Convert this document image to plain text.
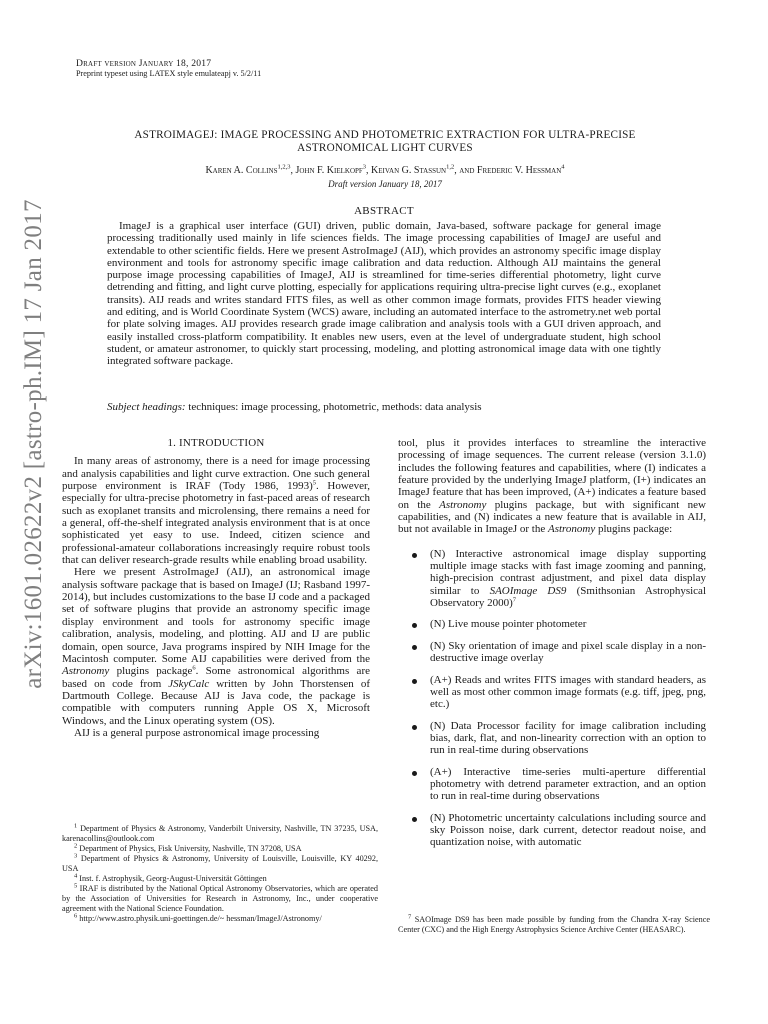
Draft version January 18, 2017
Preprint typeset using LATEX style emulateapj v. 5/2/11
arXiv:1601.02622v2 [astro-ph.IM] 17 Jan 2017
ASTROIMAGEJ: IMAGE PROCESSING AND PHOTOMETRIC EXTRACTION FOR ULTRA-PRECISE ASTRONOMICAL LIGHT CURVES
Karen A. Collins$^{1,2,3}$, John F. Kielkopf$^3$, Keivan G. Stassun$^{1,2}$, and Frederic V. Hessman$^4$
Draft version January 18, 2017
ABSTRACT
ImageJ is a graphical user interface (GUI) driven, public domain, Java-based, software package for general image processing traditionally used mainly in life sciences fields. The image processing capabilities of ImageJ are useful and extendable to other scientific fields. Here we present AstroImageJ (AIJ), which provides an astronomy specific image display environment and tools for astronomy specific image calibration and data reduction. Although AIJ maintains the general purpose image processing capabilities of ImageJ, AIJ is streamlined for time-series differential photometry, light curve detrending and fitting, and light curve plotting, especially for applications requiring ultra-precise light curves (e.g., exoplanet transits). AIJ reads and writes standard FITS files, as well as other common image formats, provides FITS header viewing and editing, and is World Coordinate System (WCS) aware, including an automated interface to the astrometry.net web portal for plate solving images. AIJ provides research grade image calibration and analysis tools with a GUI driven approach, and easily installed cross-platform compatibility. It enables new users, even at the level of undergraduate student, high school student, or amateur astronomer, to quickly start processing, modeling, and plotting astronomical image data with one tightly integrated software package.
Subject headings: techniques: image processing, photometric, methods: data analysis
1. INTRODUCTION

In many areas of astronomy, there is a need for image processing and analysis capabilities and light curve extraction. One such general purpose environment is IRAF (Tody 1986, 1993)$^5$. However, especially for ultra-precise photometry in fast-paced areas of research such as exoplanet transits and microlensing, there remains a need for a general, off-the-shelf integrated analysis environment that is at once sophisticated yet easy to use. Indeed, citizen science and professional-amateur collaborations increasingly require robust tools that can deliver research-grade results while enabling broad usability.

Here we present AstroImageJ (AIJ), an astronomical image analysis software package that is based on ImageJ (IJ; Rasband 1997-2014), but includes customizations to the base IJ code and a packaged set of software plugins that provide an astronomy specific image display environment and tools for astronomy specific image calibration, analysis, modeling, and plotting. AIJ and IJ are public domain, open source, Java programs inspired by NIH Image for the Macintosh computer. Some AIJ capabilities were derived from the Astronomy plugins package$^6$. Some astronomical algorithms are based on code from JSkyCalc written by John Thorstensen of Dartmouth College. Because AIJ is Java code, the package is compatible with computers running Apple OS X, Microsoft Windows, and the Linux operating system (OS).

AIJ is a general purpose astronomical image processing

tool, plus it provides interfaces to streamline the interactive processing of image sequences. The current release (version 3.1.0) includes the following features and capabilities, where (I) indicates a feature provided by the underlying ImageJ platform, (I+) indicates an ImageJ feature that has been improved, (A+) indicates a feature based on the Astronomy plugins package, but with significant new capabilities, and (N) indicates a new feature that is available in AIJ, but not available in ImageJ or the Astronomy plugins package:

(N) Interactive astronomical image display supporting multiple image stacks with fast image zooming and panning, high-precision contrast adjustment, and pixel data display similar to SAOImage DS9 (Smithsonian Astrophysical Observatory 2000)$^7$
(N) Live mouse pointer photometer
(N) Sky orientation of image and pixel scale display in a non-destructive image overlay
(A+) Reads and writes FITS images with standard headers, as well as most other common image formats (e.g. tiff, jpeg, png, etc.)
(N) Data Processor facility for image calibration including bias, dark, flat, and non-linearity correction with an option to run in real-time during observations
(A+) Interactive time-series multi-aperture differential photometry with detrend parameter extraction, and an option to run in real-time during observations
(N) Photometric uncertainty calculations including source and sky Poisson noise, dark current, detector readout noise, and quantization noise, with automatic
$^1$ Department of Physics & Astronomy, Vanderbilt University, Nashville, TN 37235, USA, karenacollins@outlook.com
$^2$ Department of Physics, Fisk University, Nashville, TN 37208, USA
$^3$ Department of Physics & Astronomy, University of Louisville, Louisville, KY 40292, USA
$^4$ Inst. f. Astrophysik, Georg-August-Universität Göttingen
$^5$ IRAF is distributed by the National Optical Astronomy Observatories, which are operated by the Association of Universities for Research in Astronomy, Inc., under cooperative agreement with the National Science Foundation.
$^6$ http://www.astro.physik.uni-goettingen.de/~ hessman/ImageJ/Astronomy/	$^7$ SAOImage DS9 has been made possible by funding from the Chandra X-ray Science Center (CXC) and the High Energy Astrophysics Science Archive Center (HEASARC).
